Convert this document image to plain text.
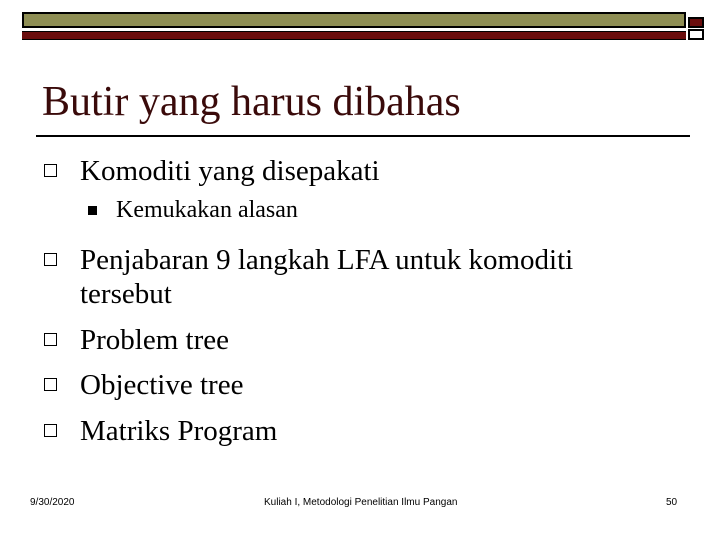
Butir yang harus dibahas
Komoditi yang disepakati
Kemukakan alasan
Penjabaran 9 langkah LFA untuk komoditi
tersebut
Problem tree
Objective tree
Matriks Program
9/30/2020	Kuliah I, Metodologi Penelitian Ilmu Pangan	50
